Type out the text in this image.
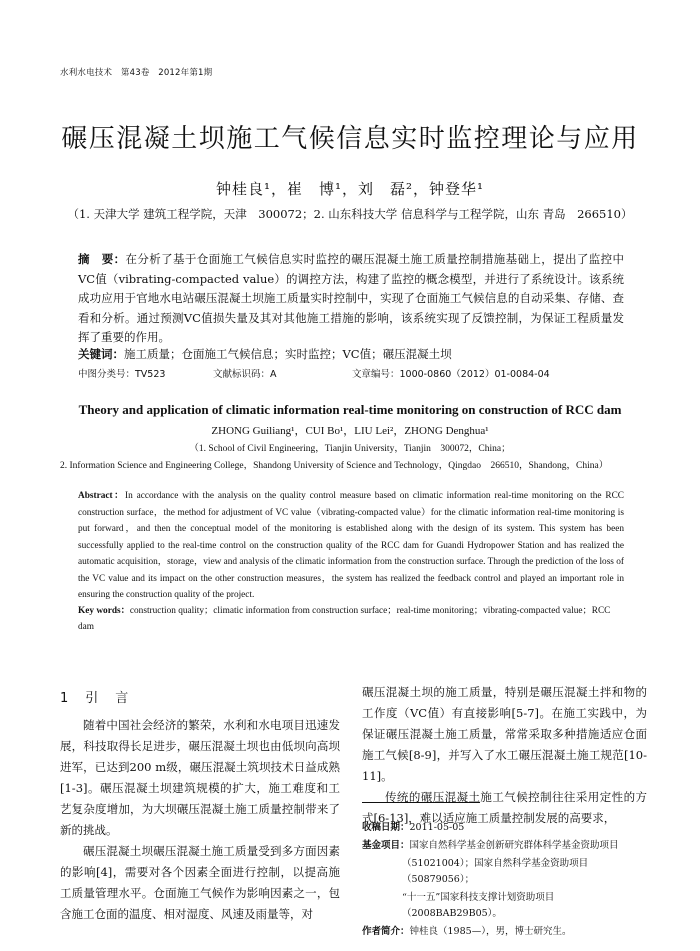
水利水电技术　第43卷　2012年第1期
碾压混凝土坝施工气候信息实时监控理论与应用
钟桂良¹，崔　博¹，刘　磊²，钟登华¹
（1. 天津大学 建筑工程学院，天津　300072；2. 山东科技大学 信息科学与工程学院，山东 青岛　266510）
摘　要：在分析了基于仓面施工气候信息实时监控的碾压混凝土施工质量控制措施基础上，提出了监控中VC值（vibrating-compacted value）的调控方法，构建了监控的概念模型，并进行了系统设计。该系统成功应用于官地水电站碾压混凝土坝施工质量实时控制中，实现了仓面施工气候信息的自动采集、存储、查看和分析。通过预测VC值损失量及其对其他施工措施的影响，该系统实现了反馈控制，为保证工程质量发挥了重要的作用。
关键词：施工质量；仓面施工气候信息；实时监控；VC值；碾压混凝土坝
中图分类号：TV523	文献标识码：A	文章编号：1000-0860（2012）01-0084-04
Theory and application of climatic information real-time monitoring on construction of RCC dam
ZHONG Guiliang¹，CUI Bo¹，LIU Lei²，ZHONG Denghua¹
（1. School of Civil Engineering，Tianjin University，Tianjin　300072，China；
2. Information Science and Engineering College，Shandong University of Science and Technology，Qingdao　266510，Shandong，China）
Abstract：In accordance with the analysis on the quality control measure based on climatic information real-time monitoring on the RCC construction surface，the method for adjustment of VC value（vibrating-compacted value）for the climatic information real-time monitoring is put forward，and then the conceptual model of the monitoring is established along with the design of its system. This system has been successfully applied to the real-time control on the construction quality of the RCC dam for Guandi Hydropower Station and has realized the automatic acquisition，storage，view and analysis of the climatic information from the construction surface. Through the prediction of the loss of the VC value and its impact on the other construction measures，the system has realized the feedback control and played an important role in ensuring the construction quality of the project.
Key words：construction quality；climatic information from construction surface；real-time monitoring；vibrating-compacted value；RCC dam
1　引　言

随着中国社会经济的繁荣，水利和水电项目迅速发展，科技取得长足进步，碾压混凝土坝也由低坝向高坝进军，已达到200 m级，碾压混凝土筑坝技术日益成熟[1-3]。碾压混凝土坝建筑规模的扩大，施工难度和工艺复杂度增加，为大坝碾压混凝土施工质量控制带来了新的挑战。

碾压混凝土坝碾压混凝土施工质量受到多方面因素的影响[4]，需要对各个因素全面进行控制，以提高施工质量管理水平。仓面施工气候作为影响因素之一，包含施工仓面的温度、相对湿度、风速及雨量等，对

碾压混凝土坝的施工质量，特别是碾压混凝土拌和物的工作度（VC值）有直接影响[5-7]。在施工实践中，为保证碾压混凝土施工质量，常常采取多种措施适应仓面施工气候[8-9]，并写入了水工碾压混凝土施工规范[10-11]。

传统的碾压混凝土施工气候控制往往采用定性的方式[6-13]，难以适应施工质量控制发展的高要求，

收稿日期：2011-05-05

基金项目：国家自然科学基金创新研究群体科学基金资助项目

（51021004）；国家自然科学基金资助项目（50879056）；

“十一五”国家科技支撑计划资助项目（2008BAB29B05）。

作者简介：钟桂良（1985—），男，博士研究生。
